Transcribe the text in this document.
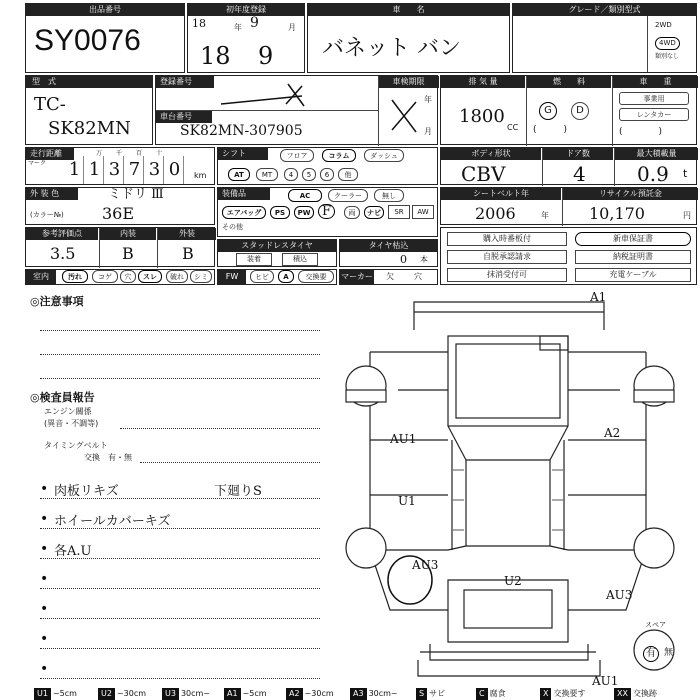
出品番号
SY0076
初年度登録
18	年 9	月
18 9
車　　名
バネット バン
グレード／類別型式
2WD
4WD
類別なし
型　式
TC-
SK82MN
登録番号	車検期限
車台番号
SK82MN-307905
年
月
排 気 量	燃　　料	車　　重
1800
CC
G	D
(　　　)
事業用
レンタカー
(　　　　)
走行距離
マーク
万 千 百 十
1 1 3 7 3 0	km
シフト	フロア	コラム	ダッシュ
AT	MT	4	5	6	他
ボディ形状	ドア数	最大積載量
CBV	4	0.9 t
外 装 色	ミドリ Ⅲ
(カラー№) 36E
装備品	AC	クーラー	無し
エアバッグ	PS	PW F	両	ナビ	SR	AW
その他
シートベルト年	リサイクル預託金
2006	年	10,170	円
参考評価点	内装	外装
3.5	B	B	スタッドレスタイヤ
装着	積込
タイヤ枯込
0 本
購入時番板付	新車保証書
自脱承認請求	納税証明書
抹消受付可	充電ケーブル
室内	汚れ	コゲ	穴	スレ	破れ	シミ	FW	ヒビ	A	交換要	マーカー 欠	穴
◎注意事項
◎検査員報告
エンジン關係
(異音・不調等)
タイミングベルト
交換　有・無
• 肉板リキズ	下廻りS
• ホイールカバーキズ
• 各A.U
•
•
•
•
A1
AU1	A2
U1
AU3
U2
AU3
AU1
スペア
有 無
U1 ~5cm	U2 ~30cm	U3 30cm~	A1 ~5cm	A2 ~30cm	A3 30cm~	S サビ	C 腐食	X 交換要す	XX 交換跡
